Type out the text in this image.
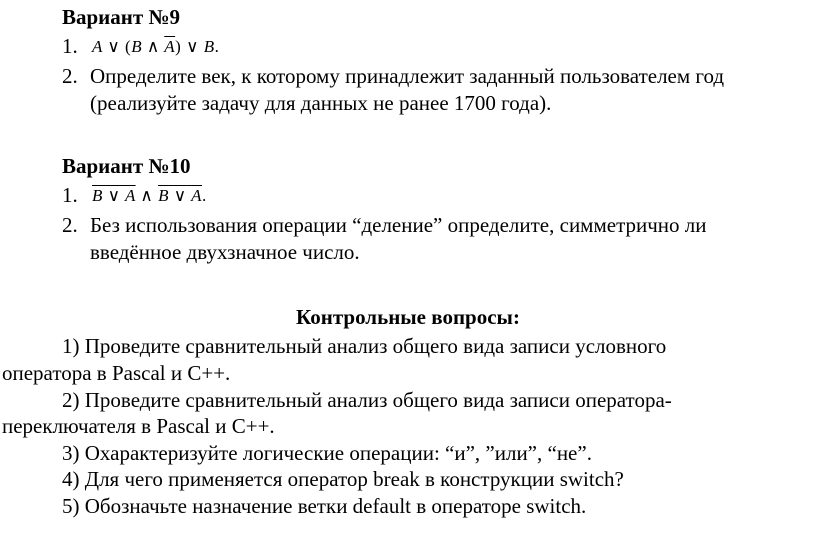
Вариант №9
1. A ∨ (B ∧ $\overline{A}$) ∨ B.
2. Определите век, к которому принадлежит заданный пользователем год
(реализуйте задачу для данных не ранее 1700 года).
Вариант №10
1. B ∨ A ∧ B ∨ A.
2. Без использования операции “деление” определите, симметрично ли
введённое двухзначное число.
Контрольные вопросы:
1) Проведите сравнительный анализ общего вида записи условного
оператора в Pascal и C++.
2) Проведите сравнительный анализ общего вида записи оператора-
переключателя в Pascal и C++.
3) Охарактеризуйте логические операции: “и”, ”или”, “не”.
4) Для чего применяется оператор break в конструкции switch?
5) Обозначьте назначение ветки default в операторе switch.
